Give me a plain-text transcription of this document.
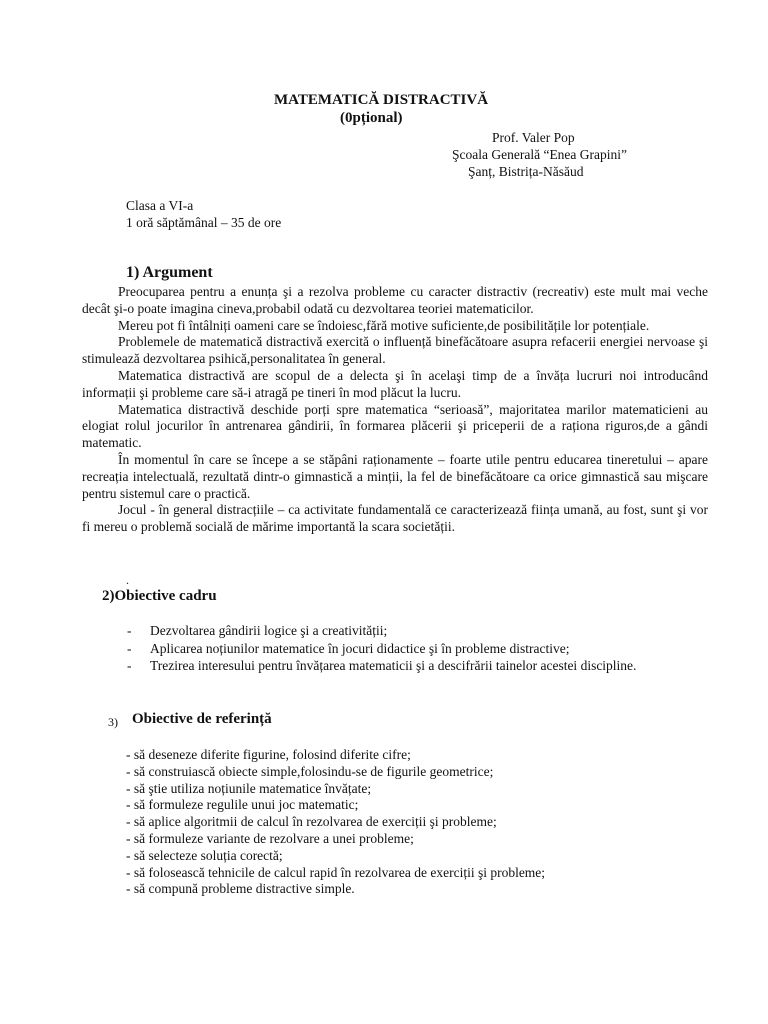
MATEMATICĂ DISTRACTIVĂ
(0pțional)
Prof. Valer Pop
Şcoala Generală “Enea Grapini”
Şanț, Bistrița-Năsăud
Clasa a VI-a
1 oră săptămânal – 35 de ore
1) Argument

Preocuparea pentru a enunța şi a rezolva probleme cu caracter distractiv (recreativ) este mult mai veche decât şi-o poate imagina cineva,probabil odată cu dezvoltarea teoriei matematicilor.

Mereu pot fi întâlniți oameni care se îndoiesc,fără motive suficiente,de posibilitățile lor potențiale.

Problemele de matematică distractivă exercită o influență binefăcătoare asupra refacerii energiei nervoase şi stimulează dezvoltarea psihică,personalitatea în general.

Matematica distractivă are scopul de a delecta şi în acelaşi timp de a învăța lucruri noi introducând informații şi probleme care să-i atragă pe tineri în mod plăcut la lucru.

Matematica distractivă deschide porți spre matematica “serioasă”, majoritatea marilor matematicieni au elogiat rolul jocurilor în antrenarea gândirii, în formarea plăcerii şi priceperii de a raționa riguros,de a gândi matematic.

În momentul în care se începe a se stăpâni raționamente – foarte utile pentru educarea tineretului – apare recreația intelectuală, rezultată dintr-o gimnastică a minții, la fel de binefăcătoare ca orice gimnastică sau mişcare pentru sistemul care o practică.

Jocul - în general distracțiile – ca activitate fundamentală ce caracterizează ființa umană, au fost, sunt şi vor fi mereu o problemă socială de mărime importantă la scara societății.

.
2)Obiective cadru
- Dezvoltarea gândirii logice şi a creativității;
- Aplicarea noțiunilor matematice în jocuri didactice şi în probleme distractive;
- Trezirea interesului pentru învățarea matematicii şi a descifrării tainelor acestei discipline.
3) Obiective de referință
- să deseneze diferite figurine, folosind diferite cifre;
- să construiască obiecte simple,folosindu-se de figurile geometrice;
- să ştie utiliza noțiunile matematice învățate;
- să formuleze regulile unui joc matematic;
- să aplice algoritmii de calcul în rezolvarea de exerciții şi probleme;
- să formuleze variante de rezolvare a unei probleme;
- să selecteze soluția corectă;
- să folosească tehnicile de calcul rapid în rezolvarea de exerciții şi probleme;
- să compună probleme distractive simple.
